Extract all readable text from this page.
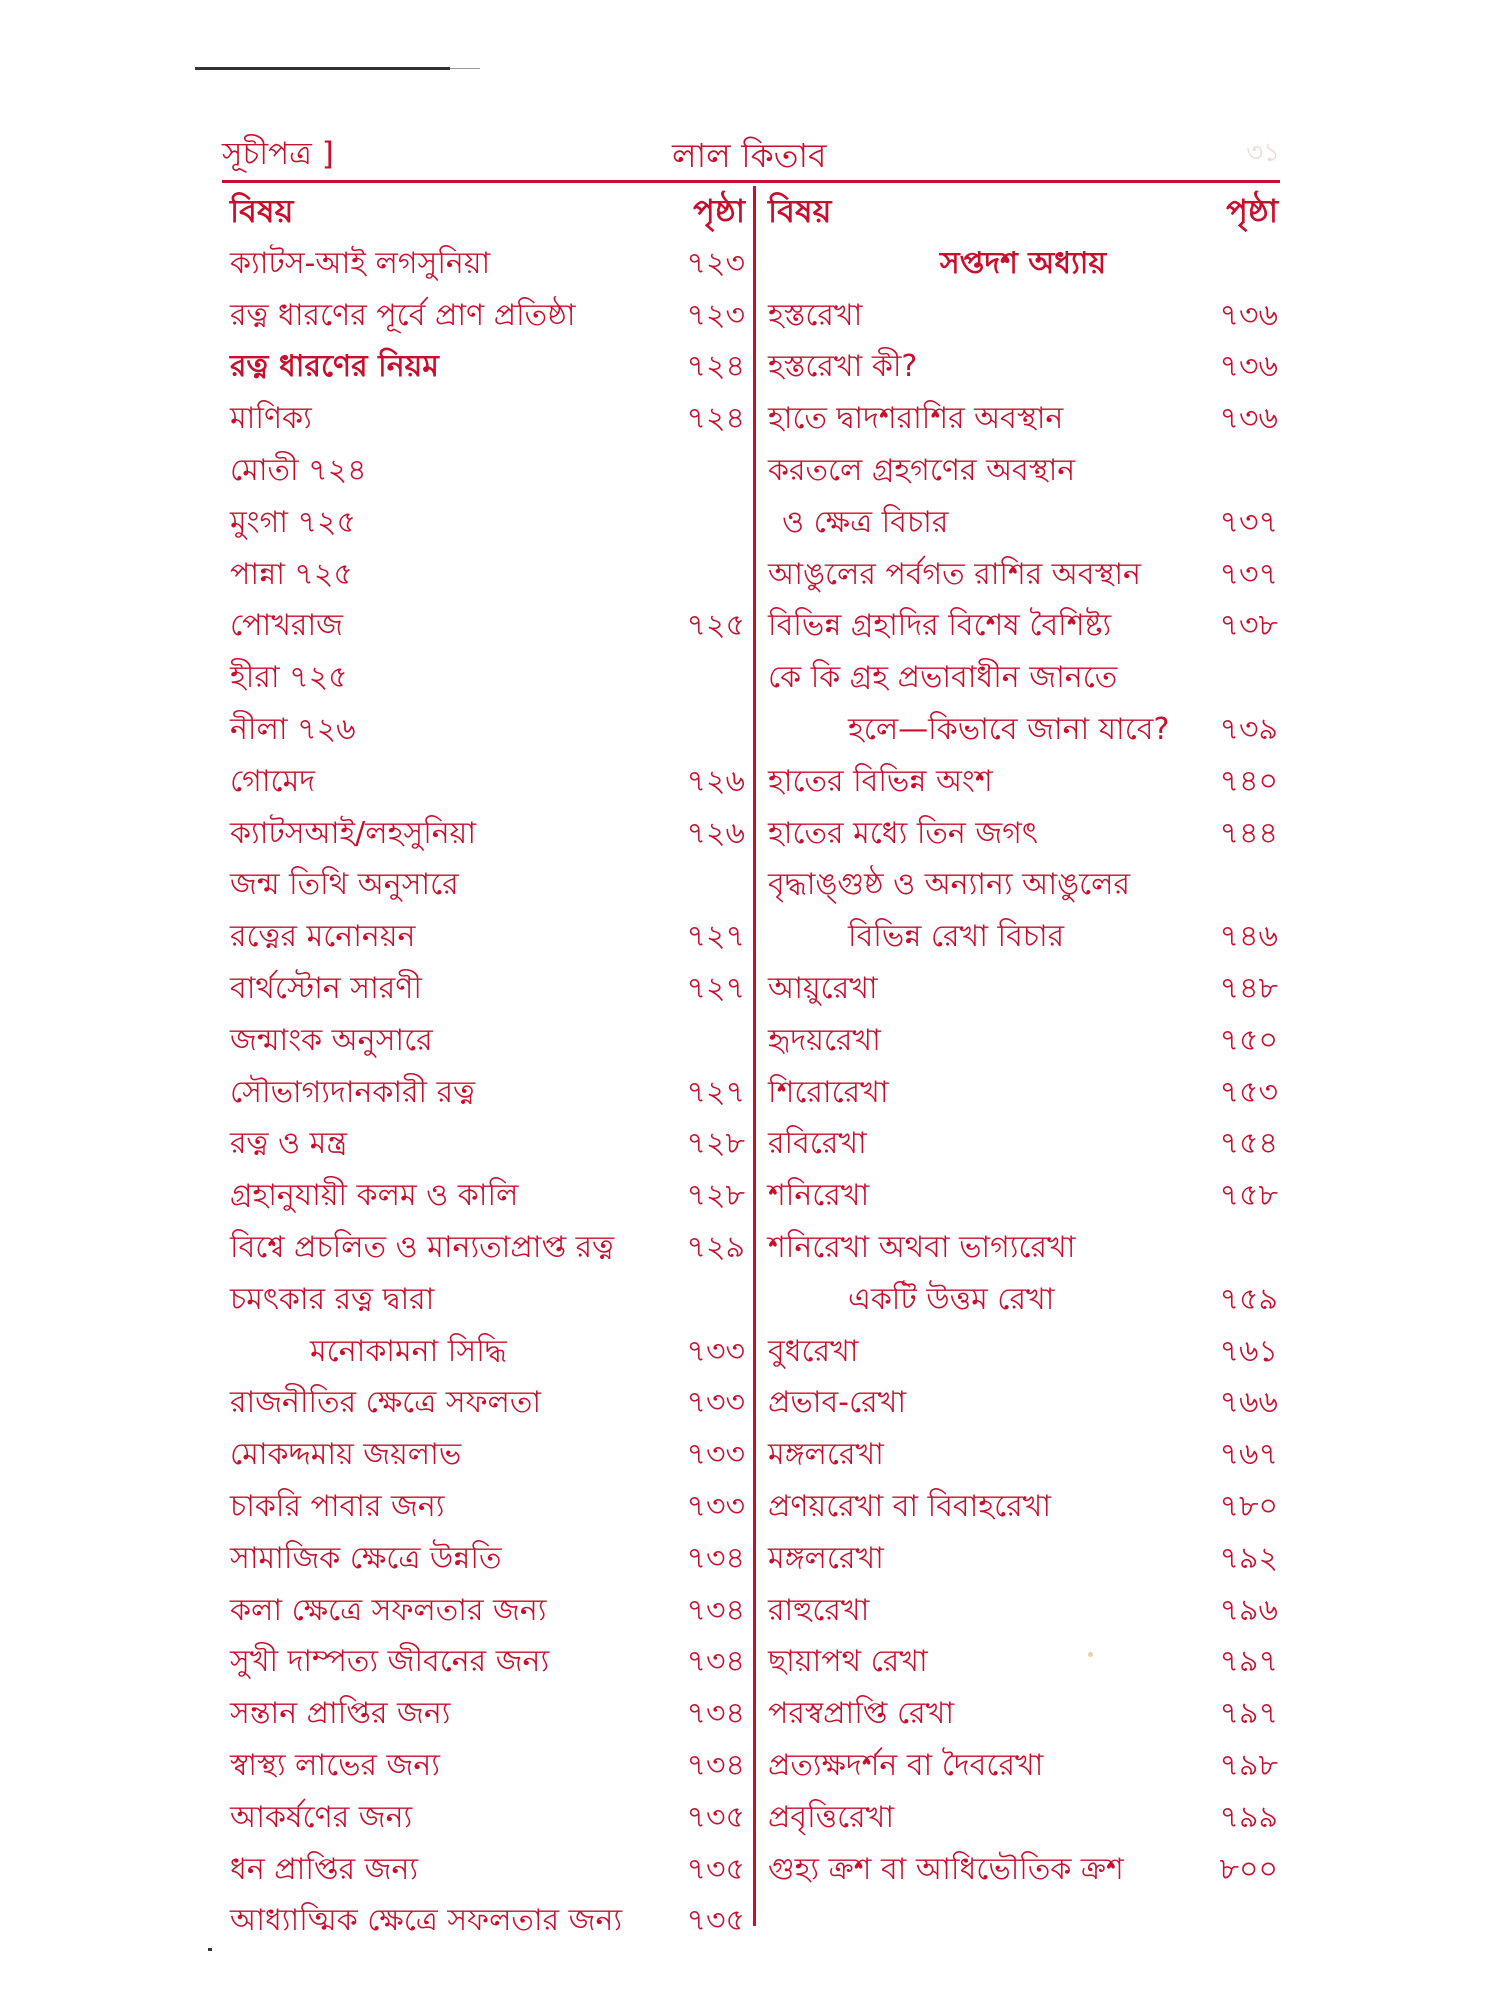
সূচীপত্র ]	লাল কিতাব	৩১
বিষয়	পৃষ্ঠা
ক্যাটস-আই লগসুনিয়া	৭২৩
রত্ন ধারণের পূর্বে প্রাণ প্রতিষ্ঠা	৭২৩
রত্ন ধারণের নিয়ম	৭২৪
মাণিক্য	৭২৪
মোতী ৭২৪
মুংগা ৭২৫
পান্না ৭২৫
পোখরাজ	৭২৫
হীরা ৭২৫
নীলা ৭২৬
গোমেদ	৭২৬
ক্যাটসআই/লহসুনিয়া	৭২৬
জন্ম তিথি অনুসারে
রত্নের মনোনয়ন	৭২৭
বার্থস্টোন সারণী	৭২৭
জন্মাংক অনুসারে
সৌভাগ্যদানকারী রত্ন	৭২৭
রত্ন ও মন্ত্র	৭২৮
গ্রহানুযায়ী কলম ও কালি	৭২৮
বিশ্বে প্রচলিত ও মান্যতাপ্রাপ্ত রত্ন ৭২৯
চমৎকার রত্ন দ্বারা
মনোকামনা সিদ্ধি	৭৩৩
রাজনীতির ক্ষেত্রে সফলতা	৭৩৩
মোকদ্দমায় জয়লাভ	৭৩৩
চাকরি পাবার জন্য	৭৩৩
সামাজিক ক্ষেত্রে উন্নতি	৭৩৪
কলা ক্ষেত্রে সফলতার জন্য	৭৩৪
সুখী দাম্পত্য জীবনের জন্য	৭৩৪
সন্তান প্রাপ্তির জন্য	৭৩৪
স্বাস্থ্য লাভের জন্য	৭৩৪
আকর্ষণের জন্য	৭৩৫
ধন প্রাপ্তির জন্য	৭৩৫
আধ্যাত্মিক ক্ষেত্রে সফলতার জন্য ৭৩৫
বিষয়	পৃষ্ঠা
সপ্তদশ অধ্যায়
হস্তরেখা	৭৩৬
হস্তরেখা কী?	৭৩৬
হাতে দ্বাদশরাশির অবস্থান	৭৩৬
করতলে গ্রহগণের অবস্থান
ও ক্ষেত্র বিচার	৭৩৭
আঙুলের পর্বগত রাশির অবস্থান	৭৩৭
বিভিন্ন গ্রহাদির বিশেষ বৈশিষ্ট্য	৭৩৮
কে কি গ্রহ প্রভাবাধীন জানতে
হলে—কিভাবে জানা যাবে? ৭৩৯
হাতের বিভিন্ন অংশ	৭৪০
হাতের মধ্যে তিন জগৎ	৭৪৪
বৃদ্ধাঙ্গুষ্ঠ ও অন্যান্য আঙুলের
বিভিন্ন রেখা বিচার	৭৪৬
আয়ুরেখা	৭৪৮
হৃদয়রেখা	৭৫০
শিরোরেখা	৭৫৩
রবিরেখা	৭৫৪
শনিরেখা	৭৫৮
শনিরেখা অথবা ভাগ্যরেখা
একটি উত্তম রেখা	৭৫৯
বুধরেখা	৭৬১
প্রভাব-রেখা	৭৬৬
মঙ্গলরেখা	৭৬৭
প্রণয়রেখা বা বিবাহরেখা	৭৮০
মঙ্গলরেখা	৭৯২
রাহুরেখা	৭৯৬
ছায়াপথ রেখা	৭৯৭
পরস্বপ্রাপ্তি রেখা	৭৯৭
প্রত্যক্ষদর্শন বা দৈবরেখা	৭৯৮
প্রবৃত্তিরেখা	৭৯৯
গুহ্য ক্রশ বা আধিভৌতিক ক্রশ	৮০০
